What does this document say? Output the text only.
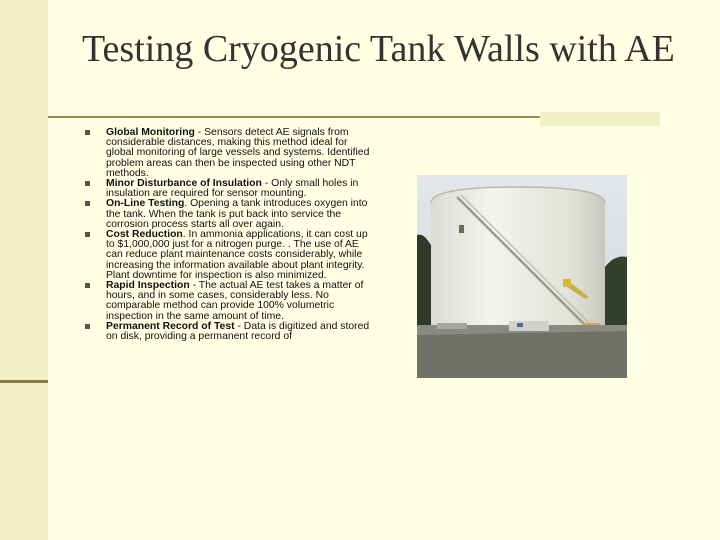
Testing Cryogenic Tank Walls with AE
Global Monitoring - Sensors detect AE signals from considerable distances, making this method ideal for global monitoring of large vessels and systems. Identified problem areas can then be inspected using other NDT methods.
Minor Disturbance of Insulation - Only small holes in insulation are required for sensor mounting.
On-Line Testing. Opening a tank introduces oxygen into the tank. When the tank is put back into service the corrosion process starts all over again.
Cost Reduction. In ammonia applications, it can cost up to $1,000,000 just for a nitrogen purge. . The use of AE can reduce plant maintenance costs considerably, while increasing the information available about plant integrity. Plant downtime for inspection is also minimized.
Rapid Inspection - The actual AE test takes a matter of hours, and in some cases, considerably less. No comparable method can provide 100% volumetric inspection in the same amount of time.
Permanent Record of Test - Data is digitized and stored on disk, providing a permanent record of
